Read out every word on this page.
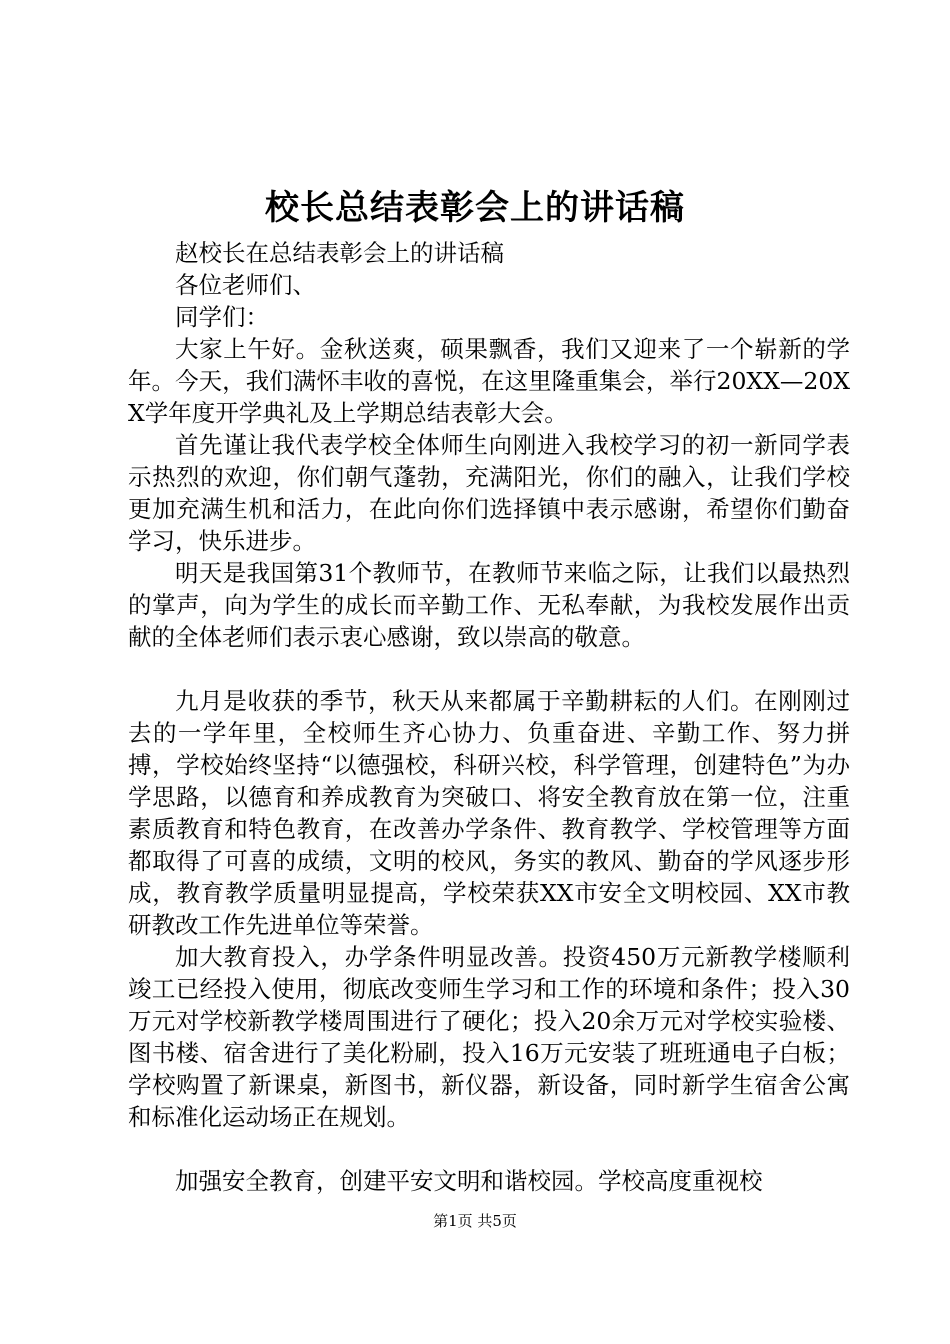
校长总结表彰会上的讲话稿

赵校长在总结表彰会上的讲话稿

各位老师们、

同学们：

大家上午好。金秋送爽，硕果飘香，我们又迎来了一个崭新的学年。今天，我们满怀丰收的喜悦，在这里隆重集会，举行20XX—20XX学年度开学典礼及上学期总结表彰大会。

首先谨让我代表学校全体师生向刚进入我校学习的初一新同学表示热烈的欢迎，你们朝气蓬勃，充满阳光，你们的融入，让我们学校更加充满生机和活力，在此向你们选择镇中表示感谢，希望你们勤奋学习，快乐进步。

明天是我国第31个教师节，在教师节来临之际，让我们以最热烈的掌声，向为学生的成长而辛勤工作、无私奉献，为我校发展作出贡献的全体老师们表示衷心感谢，致以崇高的敬意。

九月是收获的季节，秋天从来都属于辛勤耕耘的人们。在刚刚过去的一学年里，全校师生齐心协力、负重奋进、辛勤工作、努力拼搏，学校始终坚持“以德强校，科研兴校，科学管理，创建特色”为办学思路，以德育和养成教育为突破口、将安全教育放在第一位，注重素质教育和特色教育，在改善办学条件、教育教学、学校管理等方面都取得了可喜的成绩，文明的校风，务实的教风、勤奋的学风逐步形成，教育教学质量明显提高，学校荣获XX市安全文明校园、XX市教研教改工作先进单位等荣誉。

加大教育投入，办学条件明显改善。投资450万元新教学楼顺利竣工已经投入使用，彻底改变师生学习和工作的环境和条件；投入30万元对学校新教学楼周围进行了硬化；投入20余万元对学校实验楼、图书楼、宿舍进行了美化粉刷，投入16万元安装了班班通电子白板；学校购置了新课桌，新图书，新仪器，新设备，同时新学生宿舍公寓和标准化运动场正在规划。

加强安全教育，创建平安文明和谐校园。学校高度重视校

第1页 共5页
